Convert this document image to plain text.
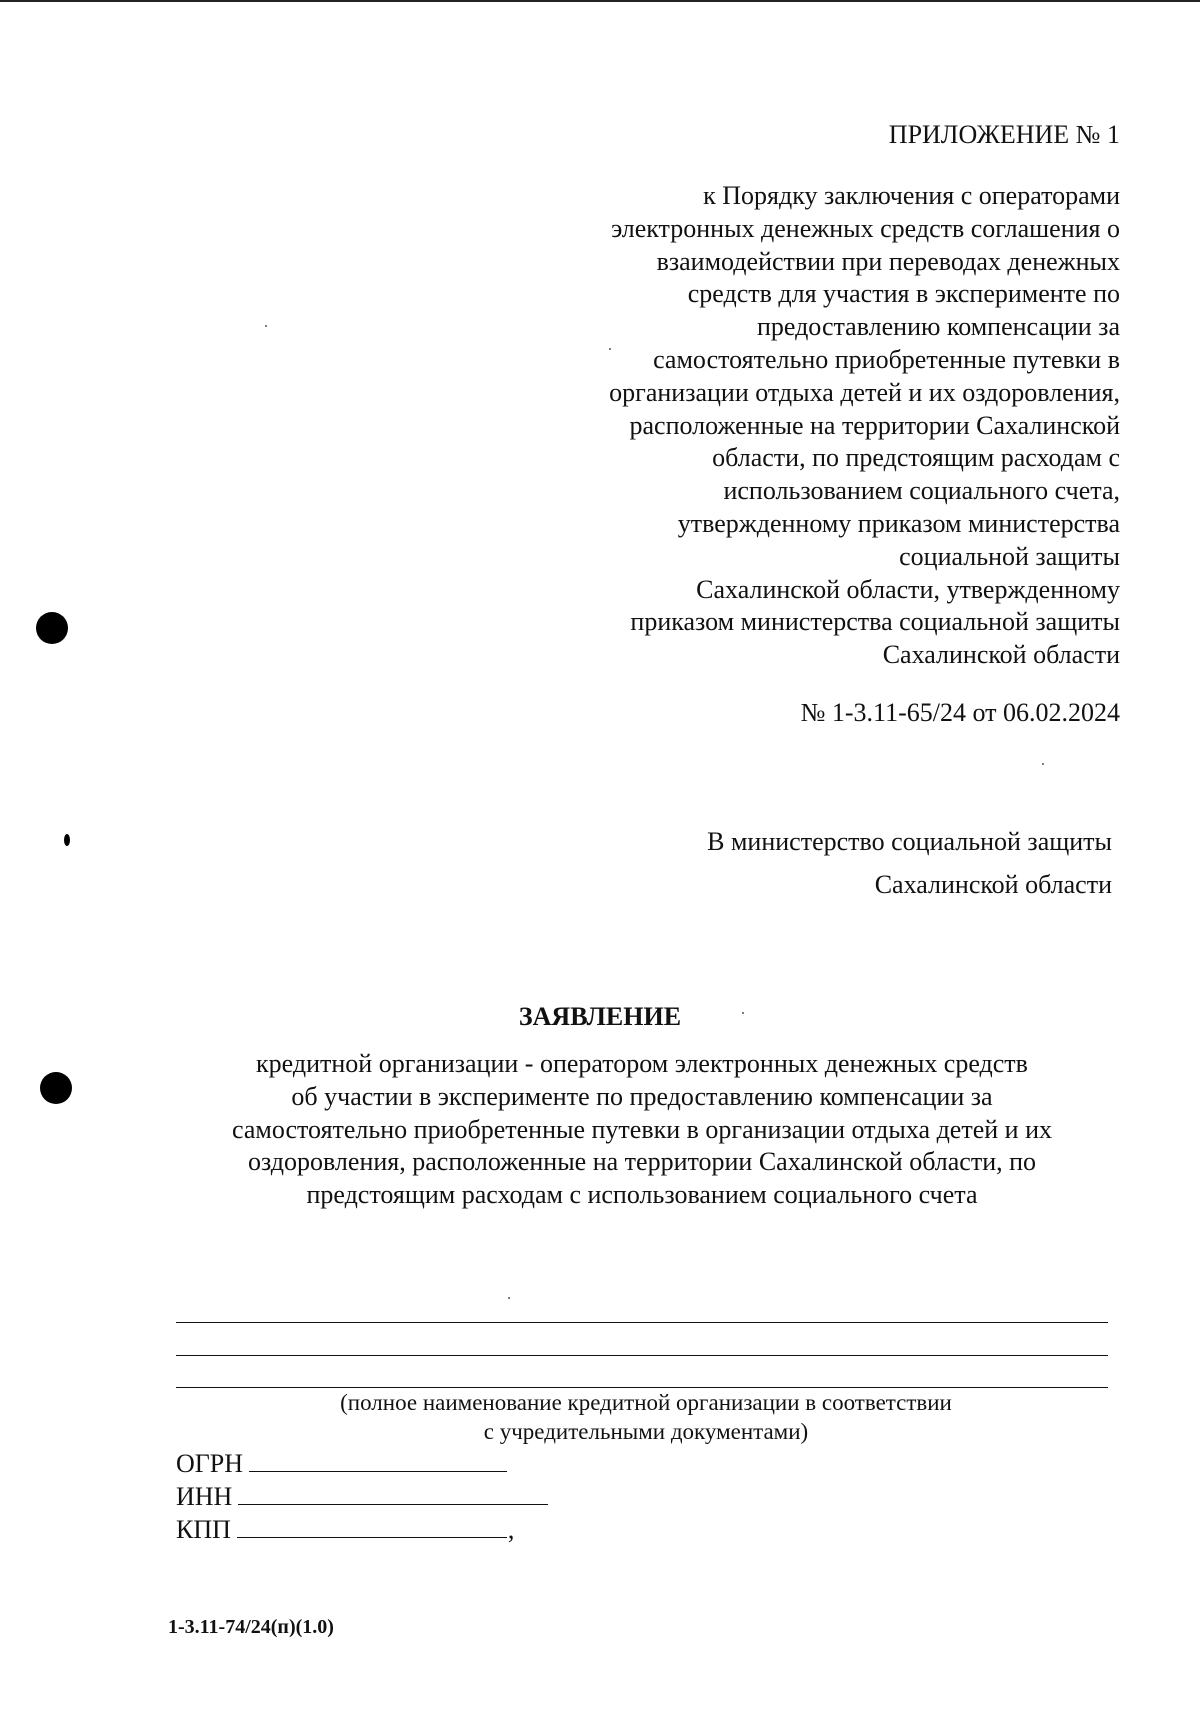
ПРИЛОЖЕНИЕ № 1
к Порядку заключения с операторами
электронных денежных средств соглашения о
взаимодействии при переводах денежных
средств для участия в эксперименте по
предоставлению компенсации за
самостоятельно приобретенные путевки в
организации отдыха детей и их оздоровления,
расположенные на территории Сахалинской
области, по предстоящим расходам с
использованием социального счета,
утвержденному приказом министерства
социальной защиты
Сахалинской области, утвержденному
приказом министерства социальной защиты
Сахалинской области
№ 1-3.11-65/24 от 06.02.2024
В министерство социальной защиты
Сахалинской области
ЗАЯВЛЕНИЕ
кредитной организации - оператором электронных денежных средств
об участии в эксперименте по предоставлению компенсации за
самостоятельно приобретенные путевки в организации отдыха детей и их
оздоровления, расположенные на территории Сахалинской области, по
предстоящим расходам с использованием социального счета
(полное наименование кредитной организации в соответствии
с учредительными документами)
ОГРН
ИНН
КПП	,
1-3.11-74/24(п)(1.0)
